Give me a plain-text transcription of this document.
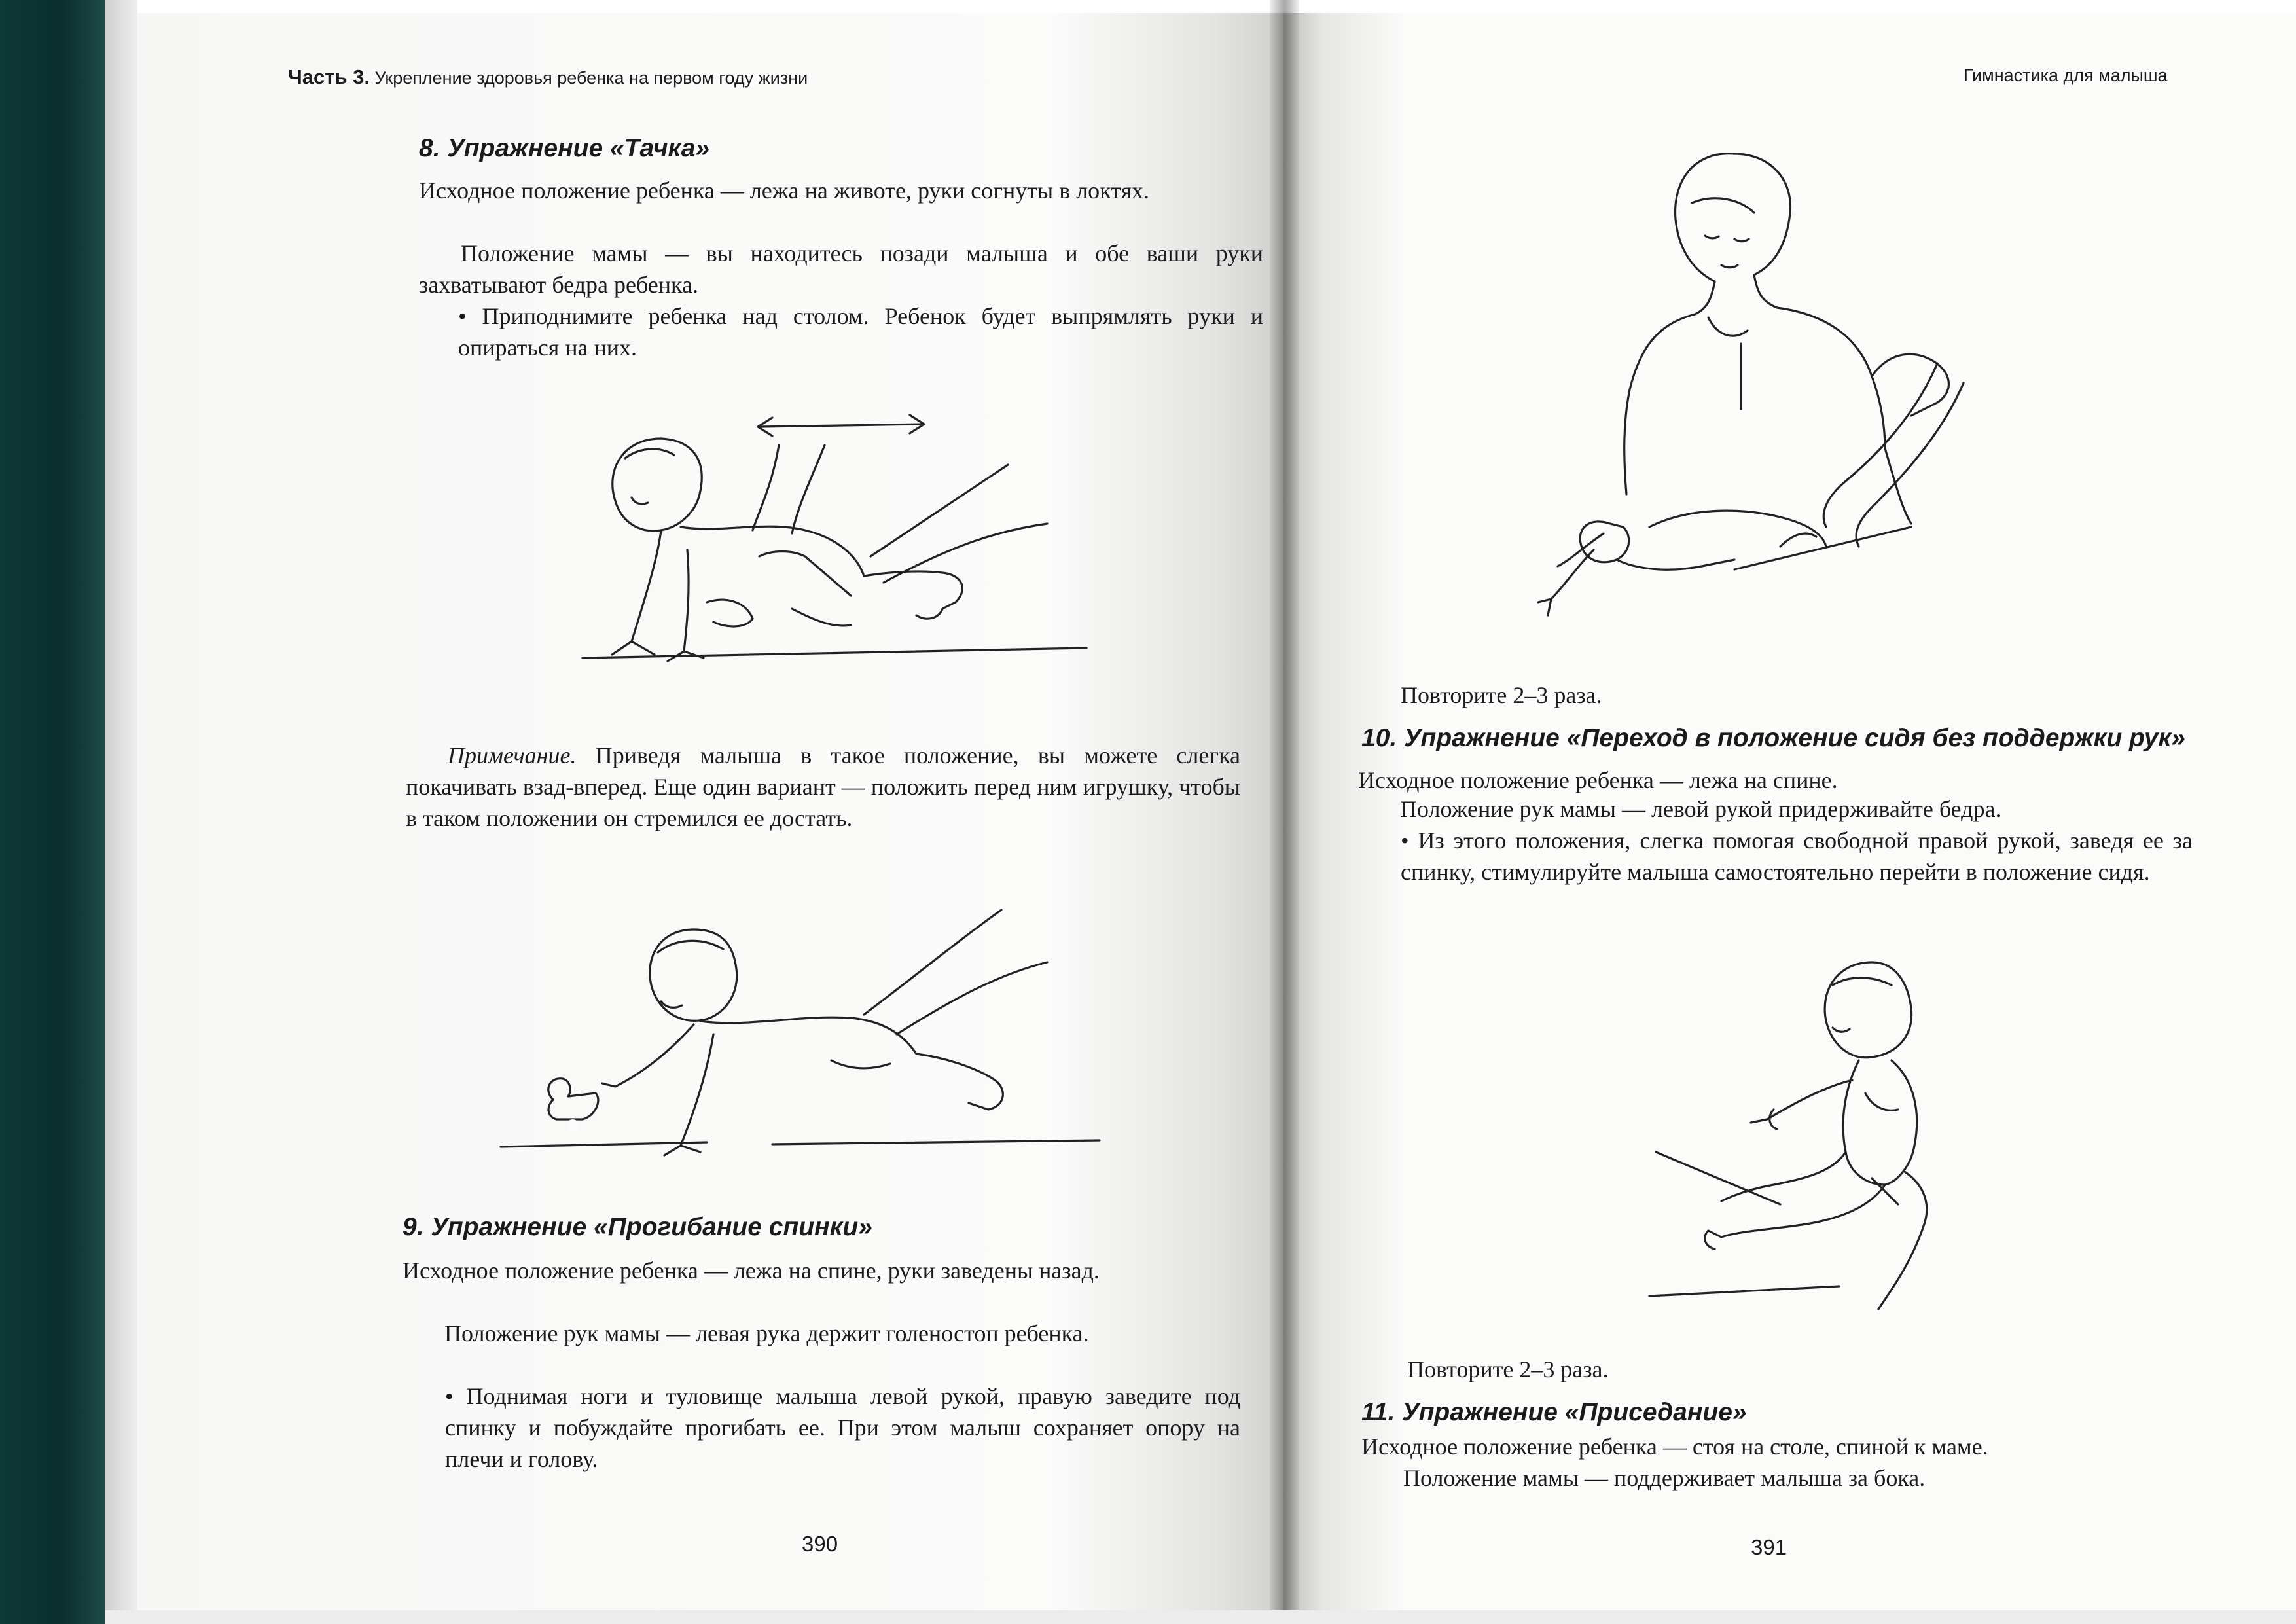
Часть 3. Укрепление здоровья ребенка на первом году жизни
8. Упражнение «Тачка»
Исходное положение ребенка — лежа на животе, руки согнуты в локтях.
Положение мамы — вы находитесь позади малыша и обе ваши руки захватывают бедра ребенка.
• Приподнимите ребенка над столом. Ребенок будет выпрямлять руки и опираться на них.
Примечание. Приведя малыша в такое положение, вы можете слегка покачивать взад-вперед. Еще один вариант — положить перед ним игрушку, чтобы в таком положении он стремился ее достать.
9. Упражнение «Прогибание спинки»
Исходное положение ребенка — лежа на спине, руки заведены назад.
Положение рук мамы — левая рука держит голеностоп ребенка.
• Поднимая ноги и туловище малыша левой рукой, правую заведите под спинку и побуждайте прогибать ее. При этом малыш сохраняет опору на плечи и голову.
390
Гимнастика для малыша
Повторите 2–3 раза.
10. Упражнение «Переход в положение сидя без поддержки рук»
Исходное положение ребенка — лежа на спине.
Положение рук мамы — левой рукой придерживайте бедра.
• Из этого положения, слегка помогая свободной правой рукой, заведя ее за спинку, стимулируйте малыша самостоятельно перейти в положение сидя.
Повторите 2–3 раза.
11. Упражнение «Приседание»
Исходное положение ребенка — стоя на столе, спиной к маме.
Положение мамы — поддерживает малыша за бока.
391
